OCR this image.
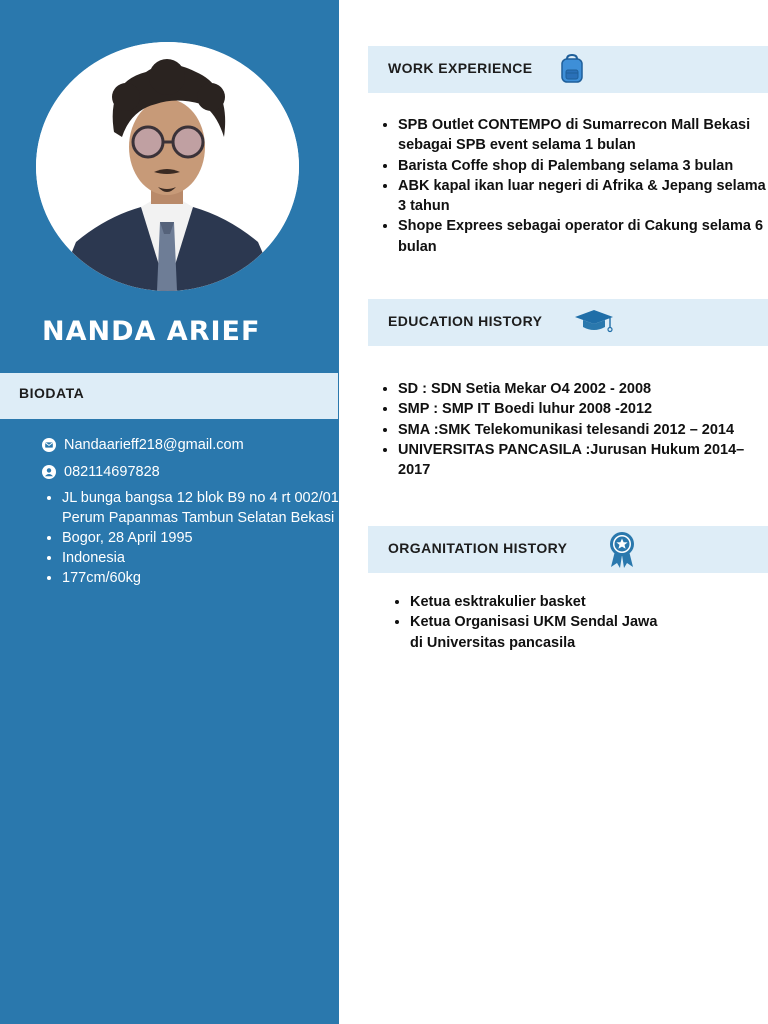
NANDA ARIEF
BIODATA
Nandaarieff218@gmail.com
082114697828
• JL bunga bangsa 12 blok B9 no 4 rt 002/018 Perum Papanmas Tambun Selatan Bekasi
• Bogor, 28 April 1995
• Indonesia
• 177cm/60kg
WORK EXPERIENCE
• SPB Outlet CONTEMPO di Sumarrecon Mall Bekasi sebagai SPB event selama 1 bulan
• Barista Coffe shop di Palembang selama 3 bulan
• ABK kapal ikan luar negeri di Afrika & Jepang selama 3 tahun
• Shope Exprees sebagai operator di Cakung selama 6 bulan
EDUCATION HISTORY
• SD : SDN Setia Mekar O4 2002 - 2008
• SMP : SMP IT Boedi luhur 2008 -2012
• SMA :SMK Telekomunikasi telesandi 2012 – 2014
• UNIVERSITAS PANCASILA :Jurusan Hukum 2014– 2017
ORGANITATION HISTORY
• Ketua esktrakulier basket
• Ketua Organisasi UKM Sendal Jawa di Universitas pancasila
